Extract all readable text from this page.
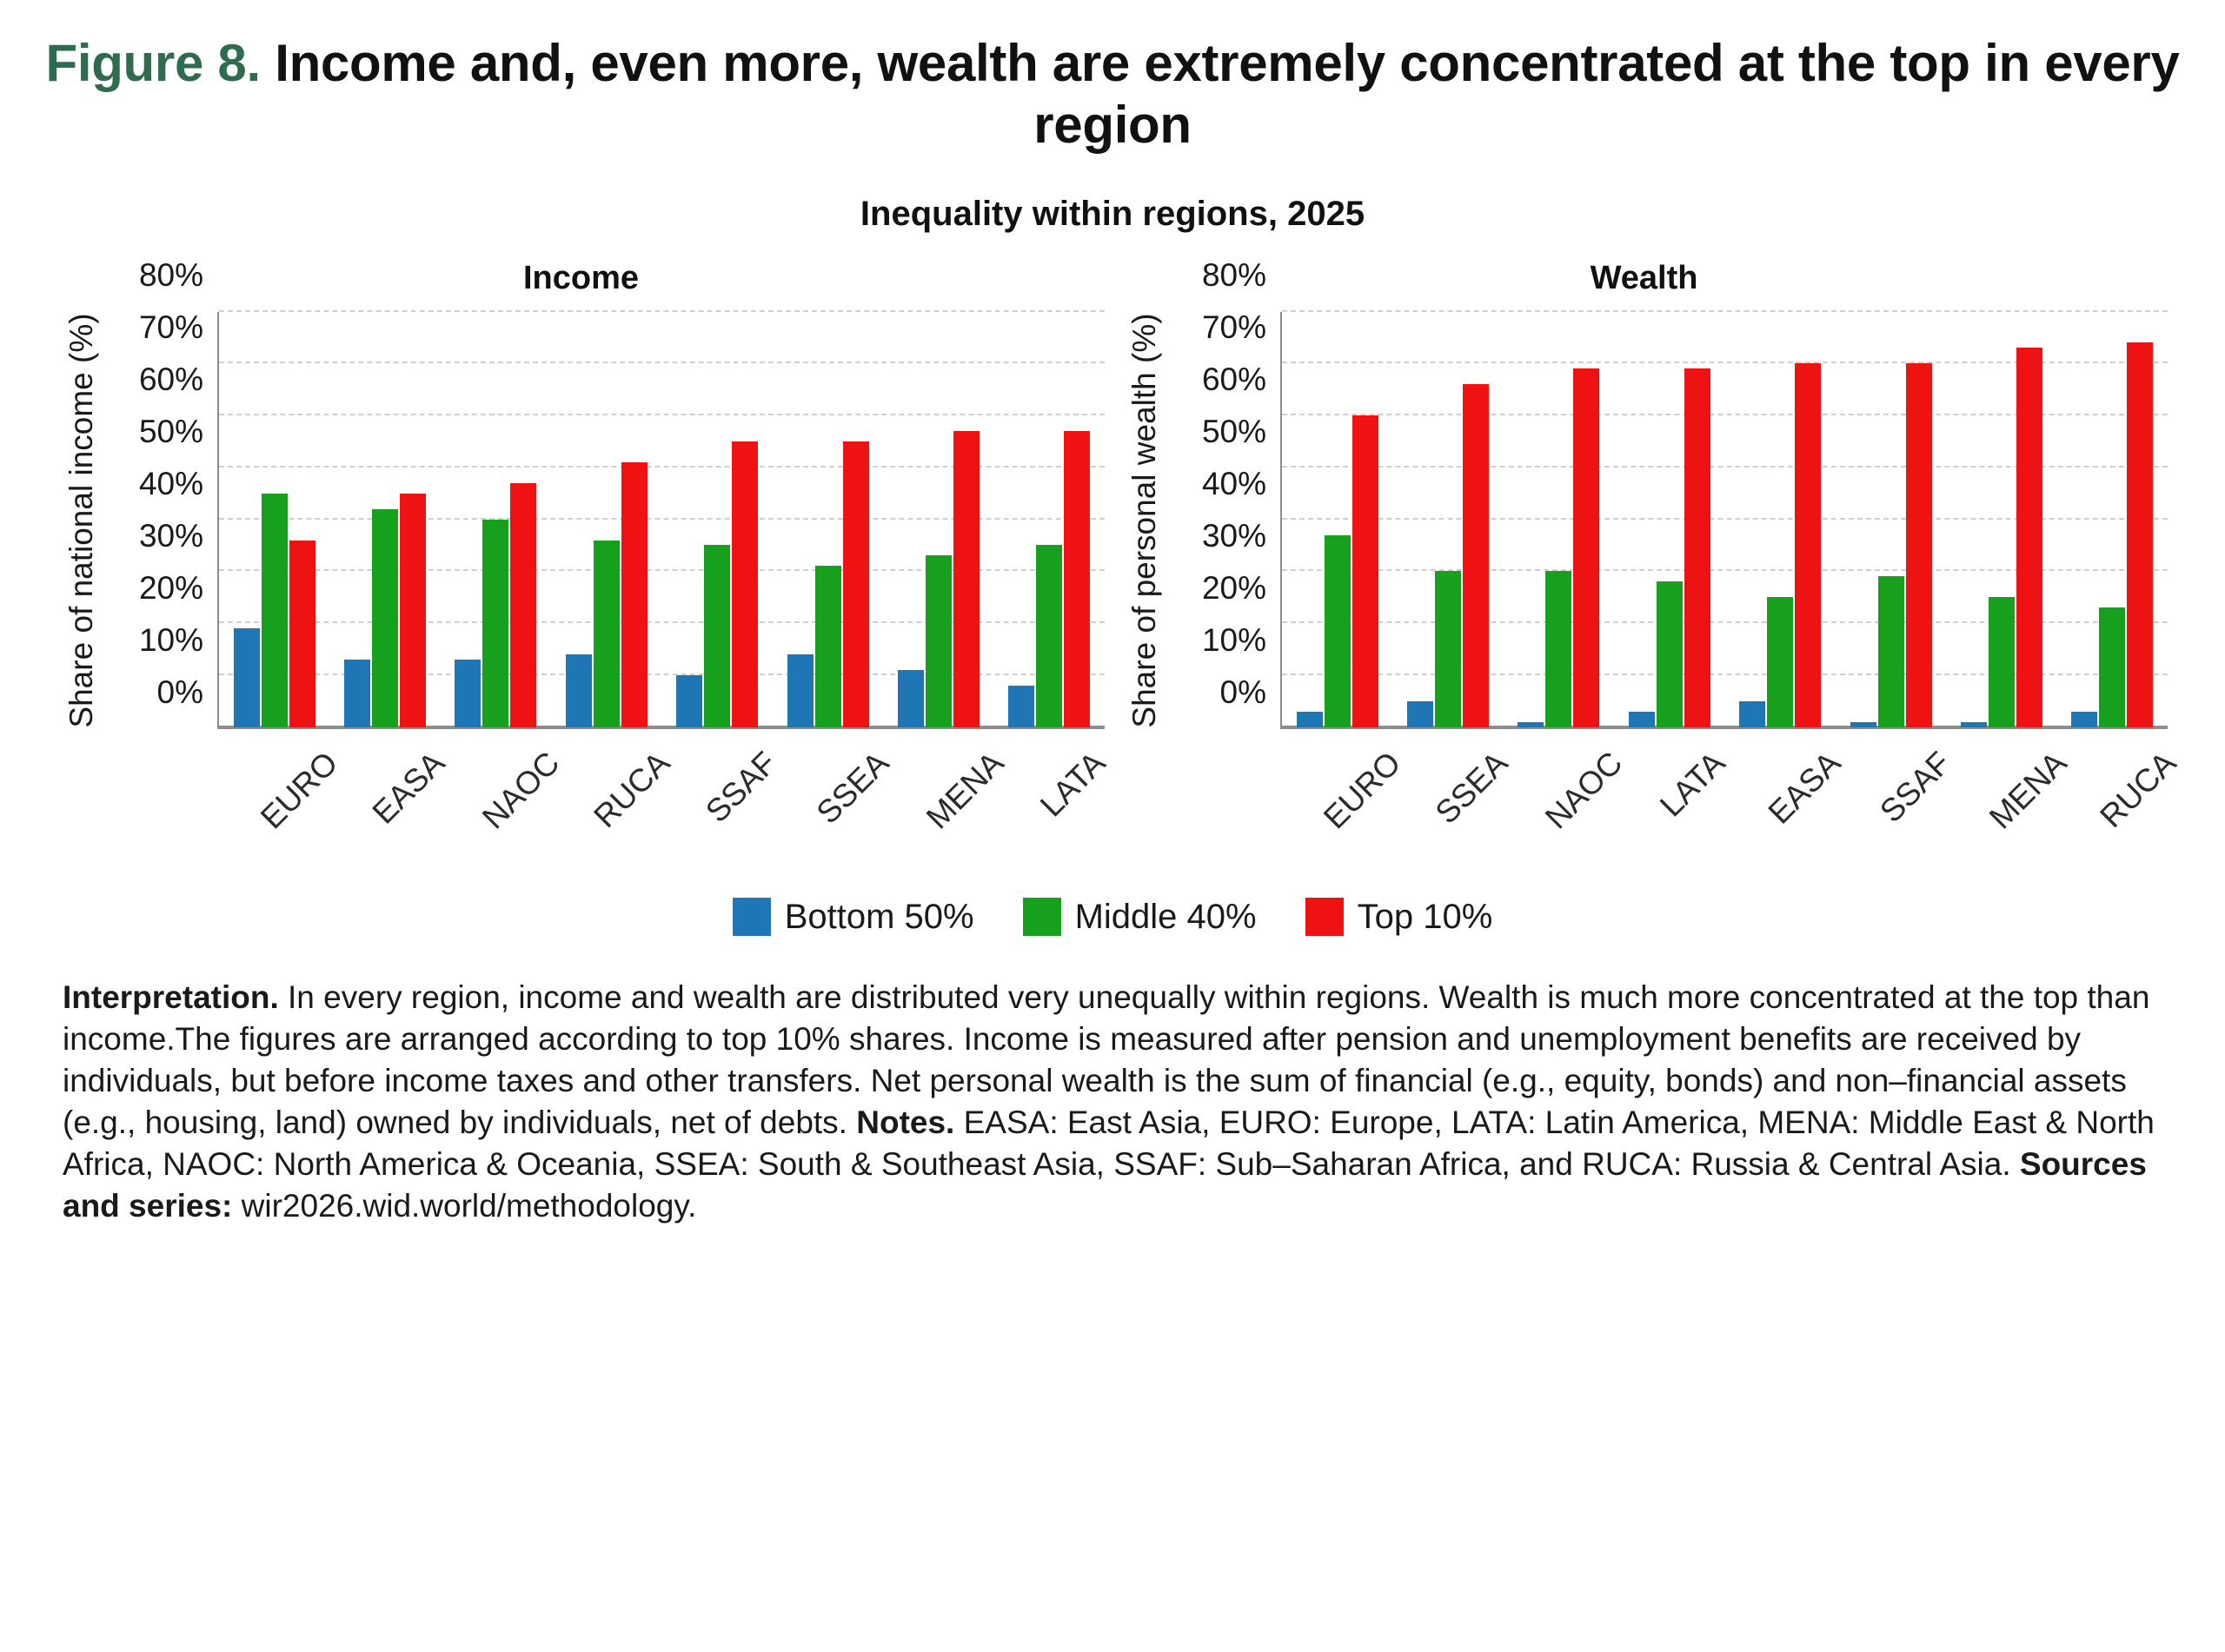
Figure 8. Income and, even more, wealth are extremely concentrated at the top in every region
Inequality within regions, 2025
Income
Share of national income (%) 0%
10%
20%
30%
40%
50%
60%
70%
80%
EURO EASA NAOC RUCA SSAF SSEA MENA LATA
Wealth
Share of personal wealth (%) 0%
10%
20%
30%
40%
50%
60%
70%
80%
EURO SSEA NAOC LATA EASA SSAF MENA RUCA
Bottom 50%	Middle 40%	Top 10%
Interpretation. In every region, income and wealth are distributed very unequally within regions. Wealth is much more concentrated at the top than income.The figures are arranged according to top 10% shares. Income is measured after pension and unemployment benefits are received by individuals, but before income taxes and other transfers. Net personal wealth is the sum of financial (e.g., equity, bonds) and non–financial assets (e.g., housing, land) owned by individuals, net of debts. Notes. EASA: East Asia, EURO: Europe, LATA: Latin America, MENA: Middle East & North Africa, NAOC: North America & Oceania, SSEA: South & Southeast Asia, SSAF: Sub–Saharan Africa, and RUCA: Russia & Central Asia. Sources and series: wir2026.wid.world/methodology.
